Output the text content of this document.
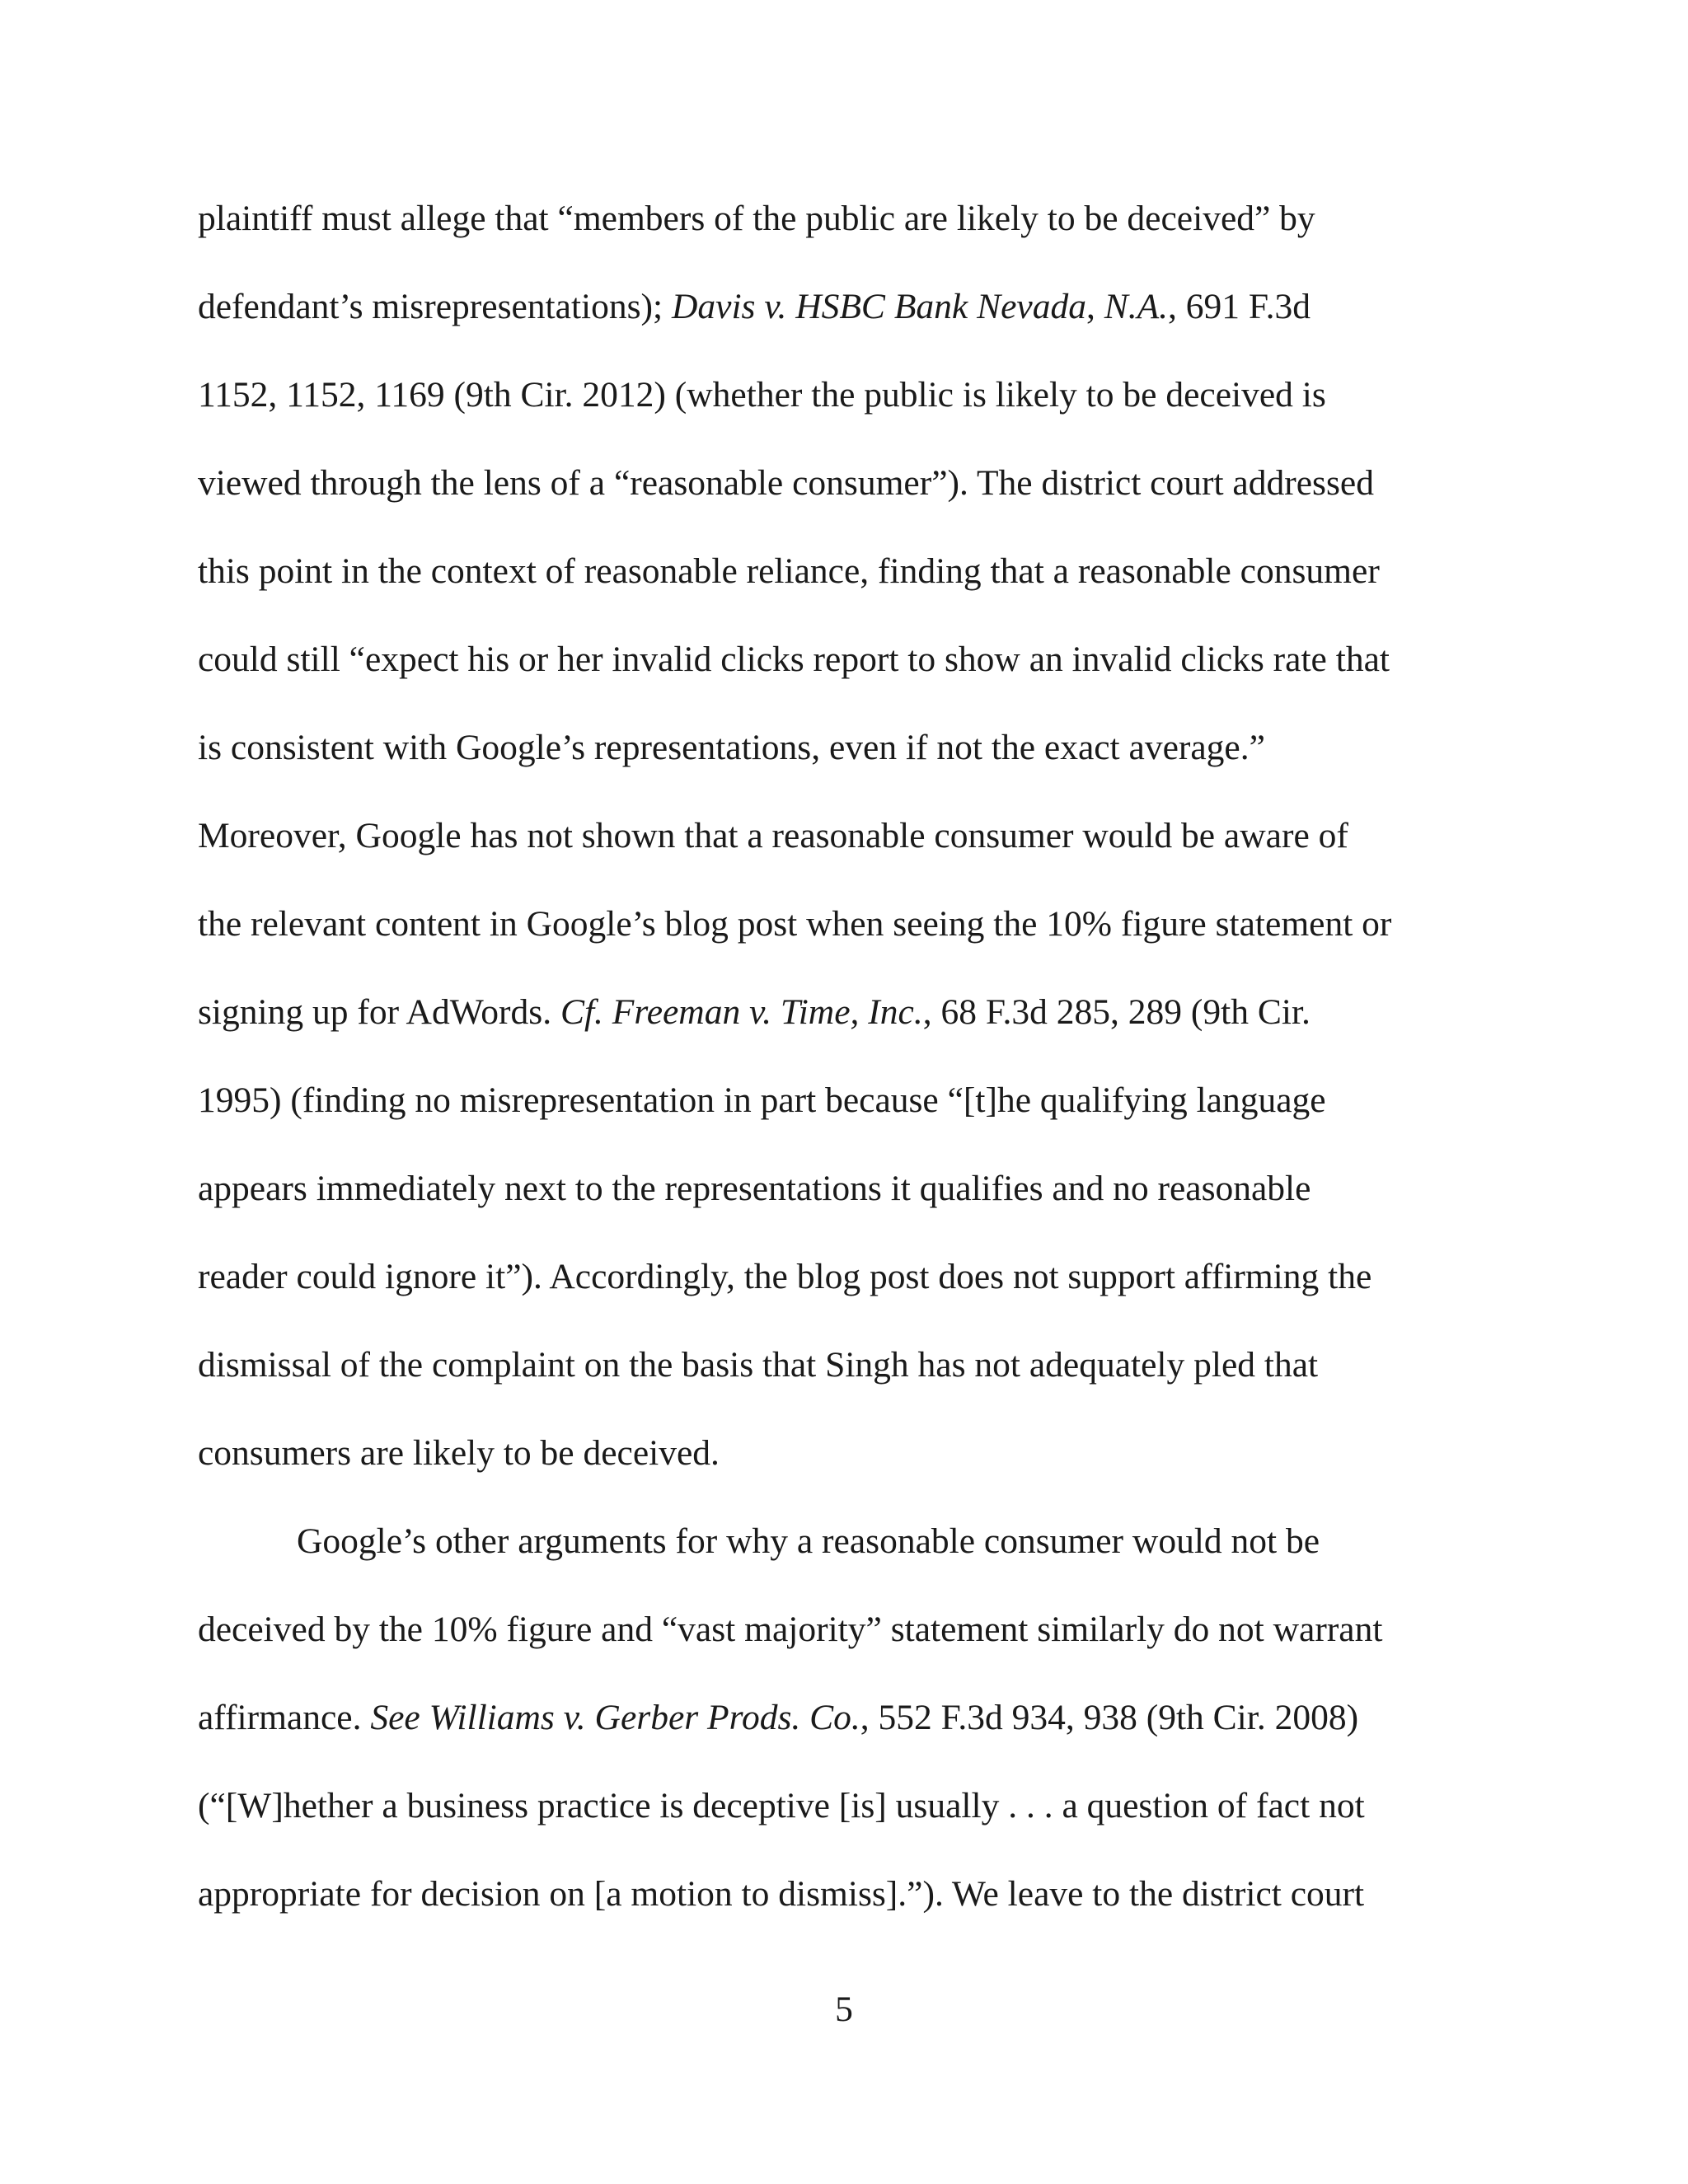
plaintiff must allege that “members of the public are likely to be deceived” by
defendant’s misrepresentations); Davis v. HSBC Bank Nevada, N.A., 691 F.3d
1152, 1152, 1169 (9th Cir. 2012) (whether the public is likely to be deceived is
viewed through the lens of a “reasonable consumer”). The district court addressed
this point in the context of reasonable reliance, finding that a reasonable consumer
could still “expect his or her invalid clicks report to show an invalid clicks rate that
is consistent with Google’s representations, even if not the exact average.”
Moreover, Google has not shown that a reasonable consumer would be aware of
the relevant content in Google’s blog post when seeing the 10% figure statement or
signing up for AdWords. Cf. Freeman v. Time, Inc., 68 F.3d 285, 289 (9th Cir.
1995) (finding no misrepresentation in part because “[t]he qualifying language
appears immediately next to the representations it qualifies and no reasonable
reader could ignore it”). Accordingly, the blog post does not support affirming the
dismissal of the complaint on the basis that Singh has not adequately pled that
consumers are likely to be deceived.
Google’s other arguments for why a reasonable consumer would not be
deceived by the 10% figure and “vast majority” statement similarly do not warrant
affirmance. See Williams v. Gerber Prods. Co., 552 F.3d 934, 938 (9th Cir. 2008)
(“[W]hether a business practice is deceptive [is] usually . . . a question of fact not
appropriate for decision on [a motion to dismiss].”). We leave to the district court
5
